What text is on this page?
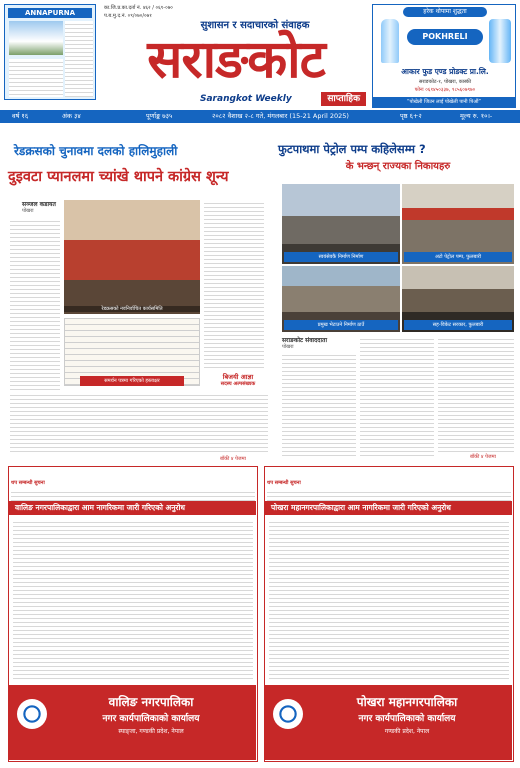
ANNAPURNA
का.जि.प्र.का.दर्ता नं. ४६२ / ०६९-०७०
प.ब.मु.द.नं. ०९/०७०/०७१
सुशासन र सदाचारको संवाहक
सराङकोट
Sarangkot Weekly	साप्ताहिक
हरेक थोपामा शुद्धता
POKHRELI
आकार फुड एण्ड प्रोडक्ट प्रा.लि.
सराङकोट-१, पोखरा, कास्की
फोनः ०६१४५०३३७, ९८५६०७९७०
“पोखेली जिउन लाई पोखेली पानी पिऔं”
वर्ष १६	अंक ३४	पूर्णाङ्क ७३५	२०८२ वैशाख २-८ गते, मंगलबार (15-21 April 2025)	पृष्ठ ६+२	मूल्य रु. १०।-
रेडक्रसको चुनावमा दलको हालिमुहाली
दुइवटा प्यानलमा च्यांखे थापने कांग्रेस शून्य
सञ्जल कडायत
पोखरा
रेडक्रसको नवनिर्वाचित कार्यसमिति
समर्थन पत्रमा गरिएको हस्ताक्षर	बिजयी आज्ञा
सदस्य अल्पसंख्यक
बाँकी ४ पेजमा
फुटपाथमा पेट्रोल पम्प कहिलेसम्म ?
के भन्छन् राज्यका निकायहरु
स्वयंसेवकै निर्माण निर्माण	अटो पेट्रोल पम्प, फुलबारी
प्रमुख भेटाउने निर्माण ठाउँ	सह-विकेट सरकार, फुलबारी
सराङकोट संवाददाता
पोखरा
बाँकी ४ पेजमा
थप सम्बन्धी सुचना
वालिङ नगरपालिकाद्वारा आम नागरिकमा जारी गरिएको अनुरोध
वालिङ नगरपालिका
नगर कार्यपालिकाको कार्यालय
स्याङ्जा, गण्डकी प्रदेश, नेपाल
थप सम्बन्धी सुचना
पोखरा महानगरपालिकाद्वारा आम नागरिकमा जारी गरिएको अनुरोध
पोखरा महानगरपालिका
नगर कार्यपालिकाको कार्यालय
गण्डकी प्रदेश, नेपाल
